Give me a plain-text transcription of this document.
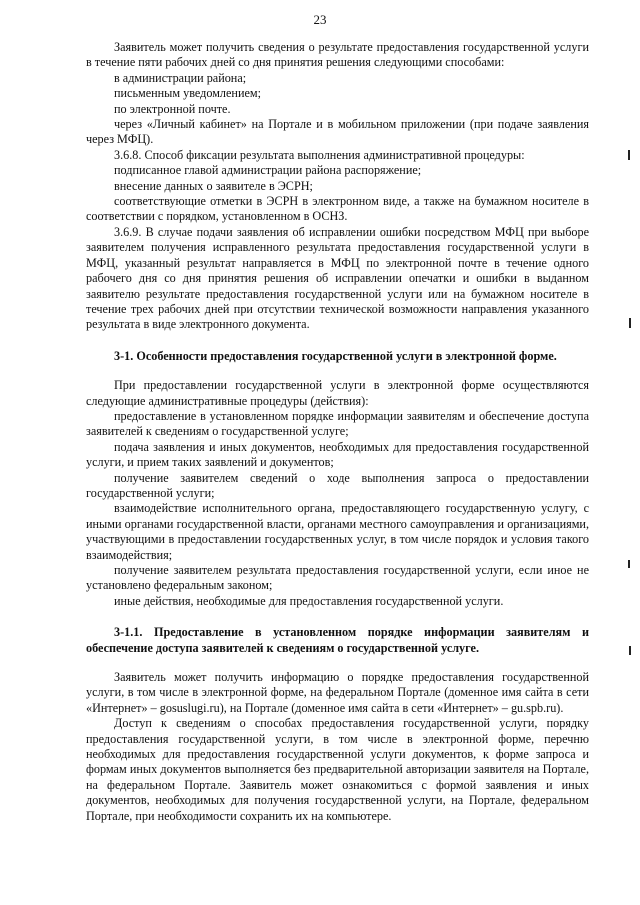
23

Заявитель может получить сведения о результате предоставления государственной услуги в течение пяти рабочих дней со дня принятия решения следующими способами:

в администрации района;

письменным уведомлением;

по электронной почте.

через «Личный кабинет» на Портале и в мобильном приложении (при подаче заявления через МФЦ).

3.6.8. Способ фиксации результата выполнения административной процедуры:

подписанное главой администрации района распоряжение;

внесение данных о заявителе в ЭСРН;

соответствующие отметки в ЭСРН в электронном виде, а также на бумажном носителе в соответствии с порядком, установленном в ОСНЗ.

3.6.9. В случае подачи заявления об исправлении ошибки посредством МФЦ при выборе заявителем получения исправленного результата предоставления государственной услуги в МФЦ, указанный результат направляется в МФЦ по электронной почте в течение одного рабочего дня со дня принятия решения об исправлении опечатки и ошибки в выданном заявителю результате предоставления государственной услуги или на бумажном носителе в течение трех рабочих дней при отсутствии технической возможности направления указанного результата в виде электронного документа.

3-1. Особенности предоставления государственной услуги в электронной форме.

При предоставлении государственной услуги в электронной форме осуществляются следующие административные процедуры (действия):

предоставление в установленном порядке информации заявителям и обеспечение доступа заявителей к сведениям о государственной услуге;

подача заявления и иных документов, необходимых для предоставления государственной услуги, и прием таких заявлений и документов;

получение заявителем сведений о ходе выполнения запроса о предоставлении государственной услуги;

взаимодействие исполнительного органа, предоставляющего государственную услугу, с иными органами государственной власти, органами местного самоуправления и организациями, участвующими в предоставлении государственных услуг, в том числе порядок и условия такого взаимодействия;

получение заявителем результата предоставления государственной услуги, если иное не установлено федеральным законом;

иные действия, необходимые для предоставления государственной услуги.

3-1.1. Предоставление в установленном порядке информации заявителям и обеспечение доступа заявителей к сведениям о государственной услуге.

Заявитель может получить информацию о порядке предоставления государственной услуги, в том числе в электронной форме, на федеральном Портале (доменное имя сайта в сети «Интернет» – gosuslugi.ru), на Портале (доменное имя сайта в сети «Интернет» – gu.spb.ru).

Доступ к сведениям о способах предоставления государственной услуги, порядку предоставления государственной услуги, в том числе в электронной форме, перечню необходимых для предоставления государственной услуги документов, к форме запроса и формам иных документов выполняется без предварительной авторизации заявителя на Портале, на федеральном Портале. Заявитель может ознакомиться с формой заявления и иных документов, необходимых для получения государственной услуги, на Портале, федеральном Портале, при необходимости сохранить их на компьютере.
